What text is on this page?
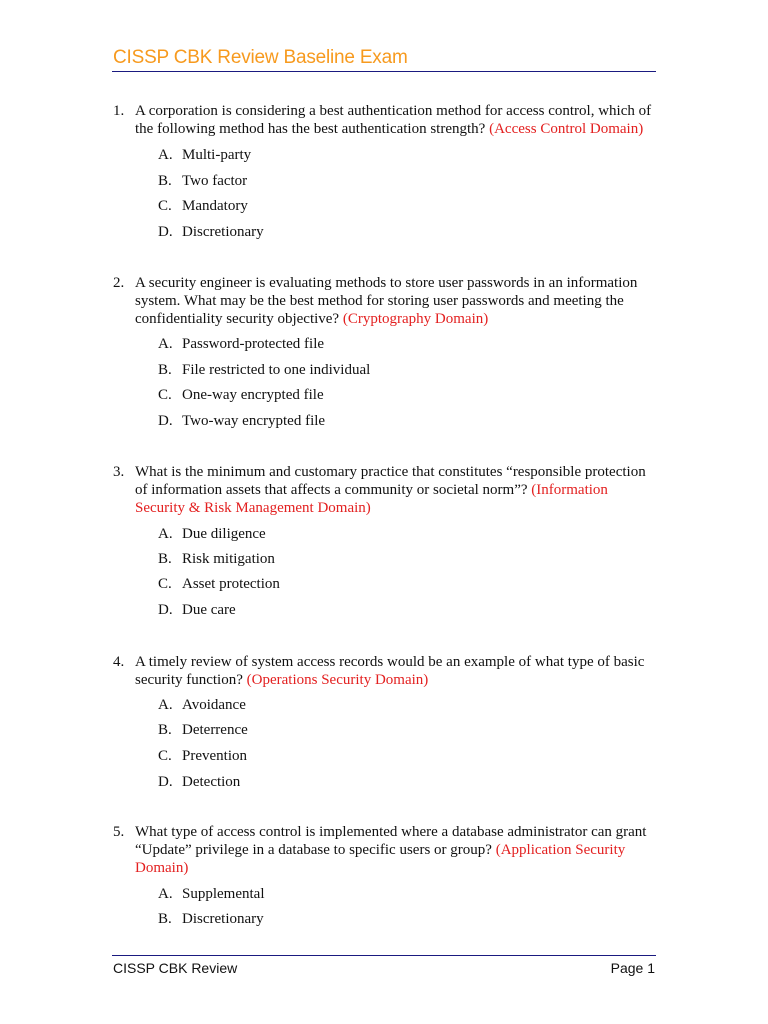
CISSP CBK Review Baseline Exam
1. A corporation is considering a best authentication method for access control, which of the following method has the best authentication strength? (Access Control Domain)
A. Multi-party
B. Two factor
C. Mandatory
D. Discretionary
2. A security engineer is evaluating methods to store user passwords in an information system. What may be the best method for storing user passwords and meeting the confidentiality security objective? (Cryptography Domain)
A. Password-protected file
B. File restricted to one individual
C. One-way encrypted file
D. Two-way encrypted file
3. What is the minimum and customary practice that constitutes “responsible protection of information assets that affects a community or societal norm”? (Information Security & Risk Management Domain)
A. Due diligence
B. Risk mitigation
C. Asset protection
D. Due care
4. A timely review of system access records would be an example of what type of basic security function? (Operations Security Domain)
A. Avoidance
B. Deterrence
C. Prevention
D. Detection
5. What type of access control is implemented where a database administrator can grant “Update” privilege in a database to specific users or group? (Application Security Domain)
A. Supplemental
B. Discretionary
CISSP CBK Review	Page 1
